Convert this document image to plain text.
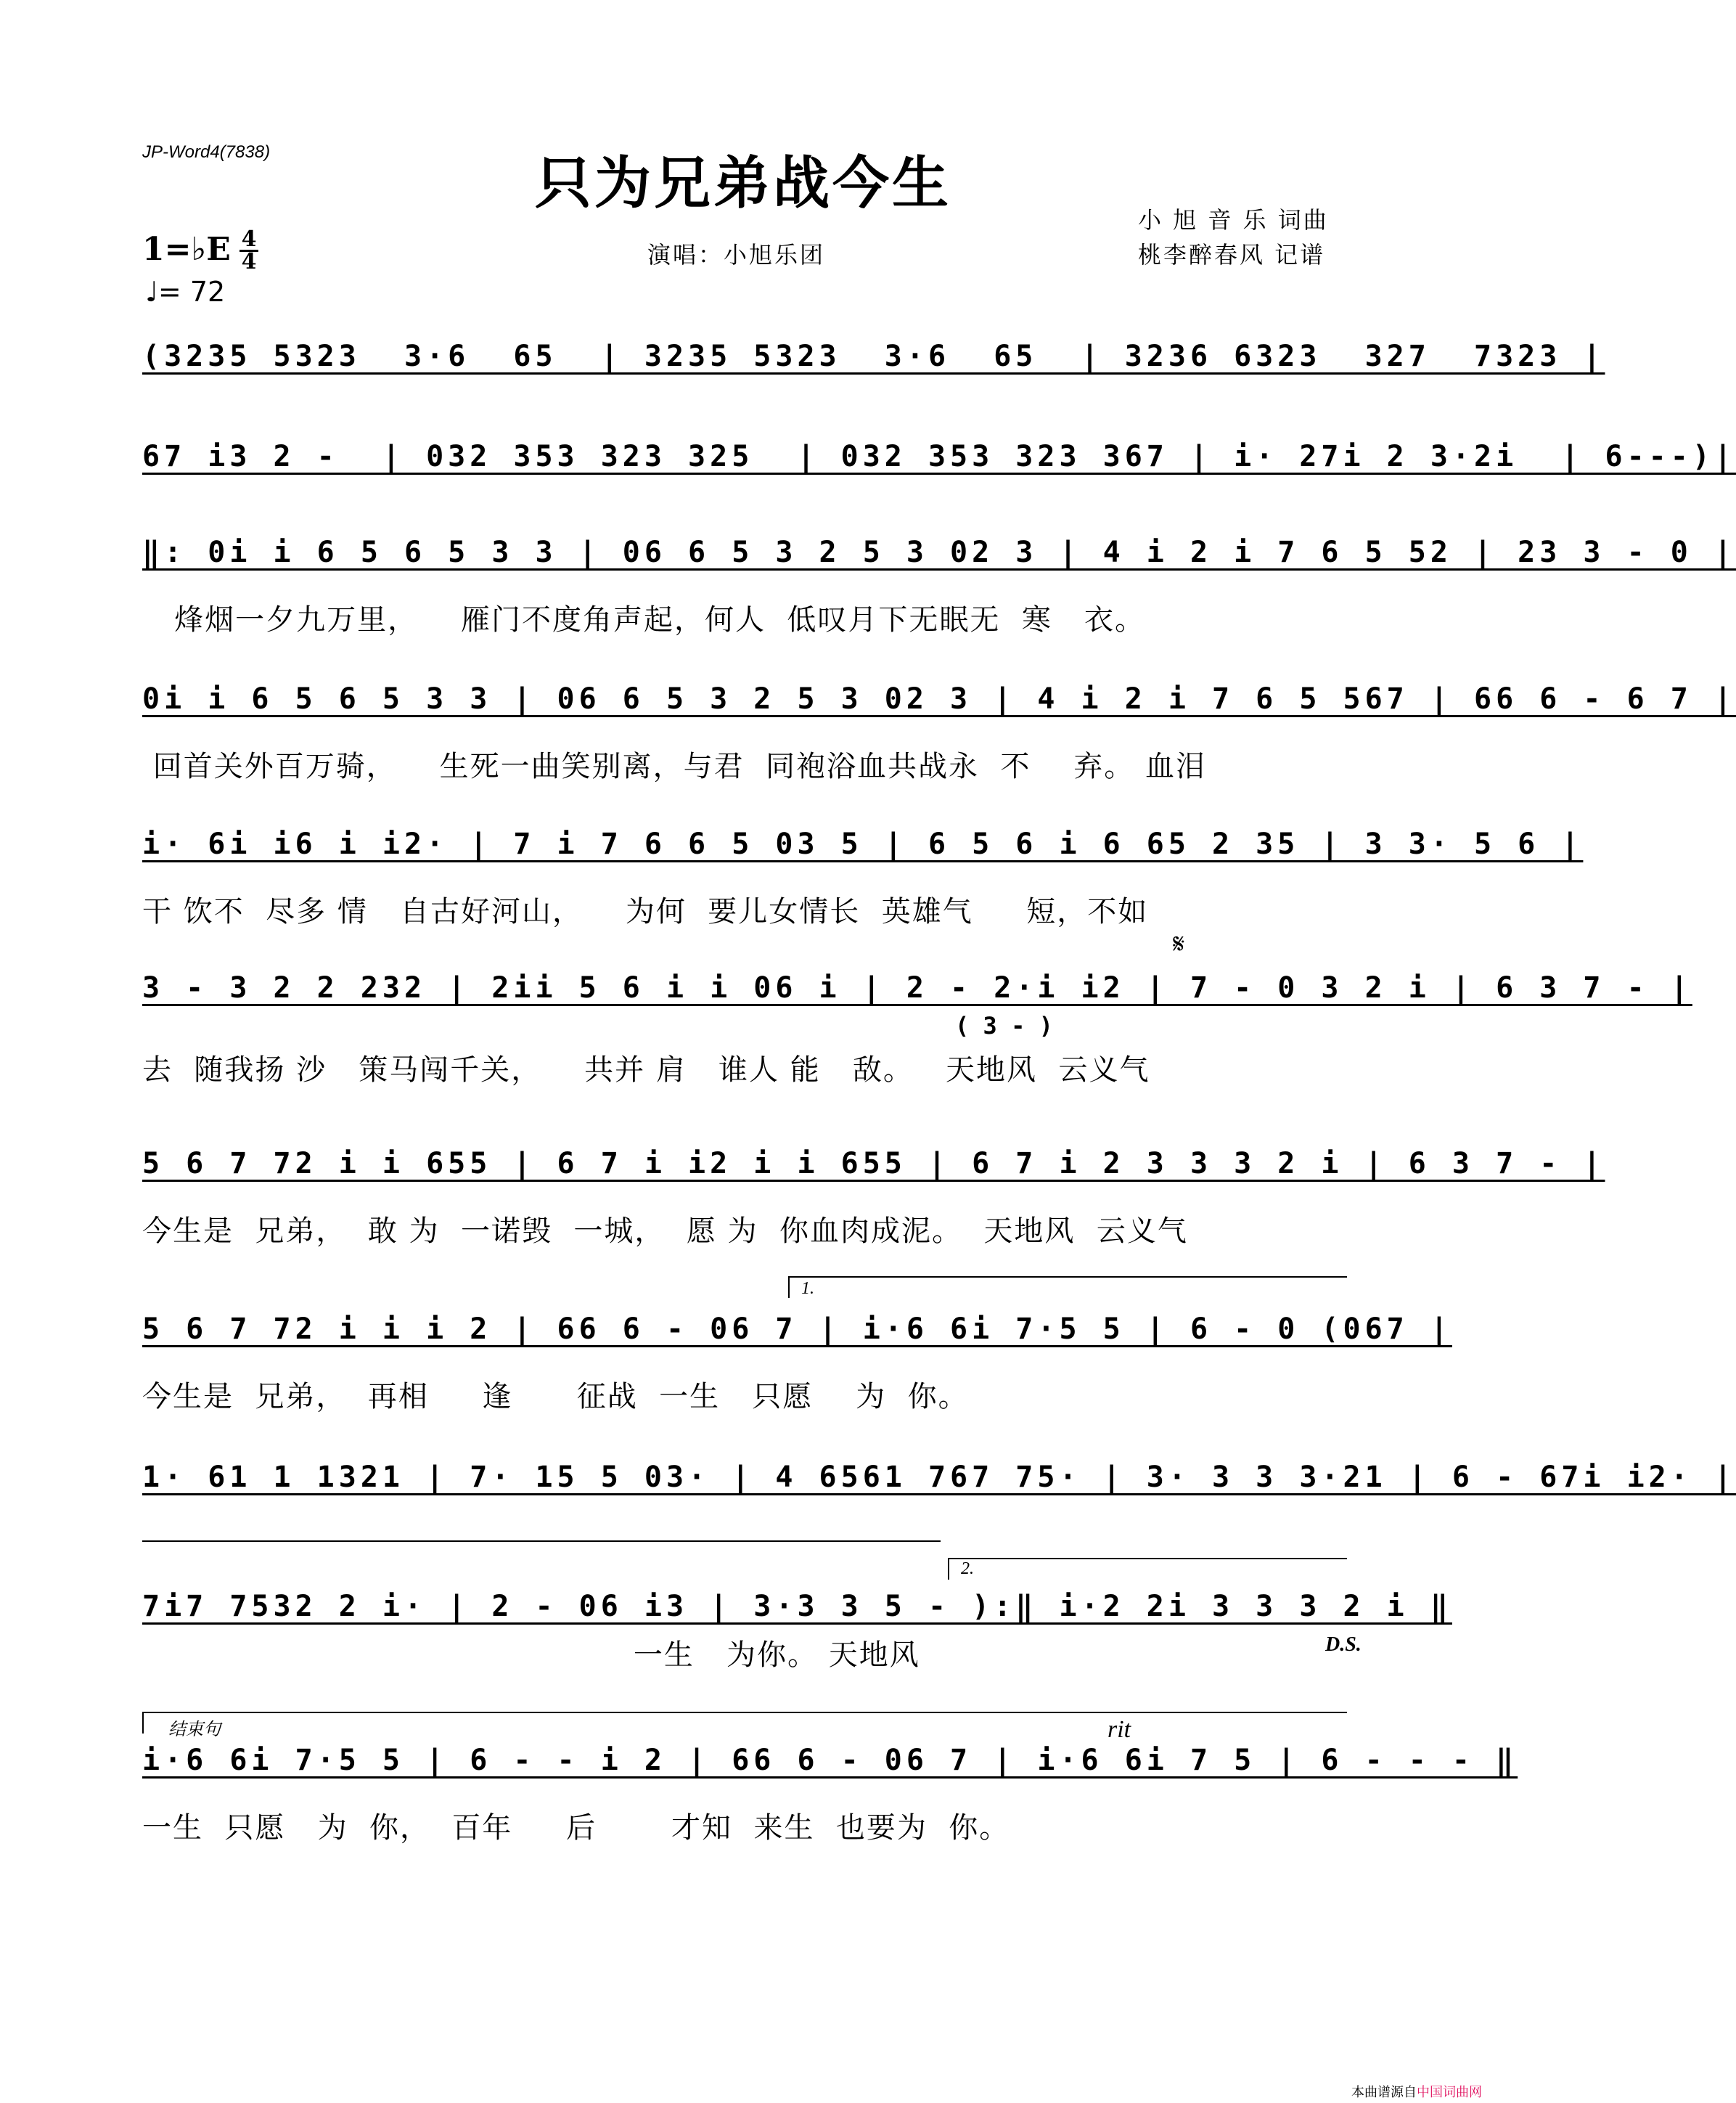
JP-Word4(7838)	只为兄弟战今生
小 旭 音 乐 词曲
桃李醉春风 记谱
演唱：小旭乐团
1=♭E 4
4
♩= 72
(3235 5323  3·6  65  | 3235 5323  3·6  65  | 3236 6323  327  7323 |
67 i3 2 -  | 032 353 323 325  | 032 353 323 367 | i· 27i 2 3·2i  | 6---)|
‖: 0i i 6 5 6 5 3 3 | 06 6 5 3 2 5 3 02 3 | 4 i 2 i 7 6 5 52 | 23 3 - 0 |
烽烟一夕九万里，    雁门不度角声起，何人  低叹月下无眠无  寒   衣。
0i i 6 5 6 5 3 3 | 06 6 5 3 2 5 3 02 3 | 4 i 2 i 7 6 5 567 | 66 6 - 6 7 |
回首关外百万骑，    生死一曲笑别离，与君  同袍浴血共战永  不    弃。 血泪
i· 6i i6 i i2· | 7 i 7 6 6 5 03 5 | 6 5 6 i 6 65 2 35 | 3 3· 5 6 |
干 饮不  尽多 情   自古好河山，    为何  要儿女情长  英雄气     短，不如
3 - 3 2 2 232 | 2ii 5 6 i i 06 i | 2 - 2·i i2 | 7 - 0 3 2 i | 6 3 7 - |
去  随我扬 沙   策马闯千关，    共并 肩   谁人 能   敌。   天地风  云义气
( 3 - )
𝄋
5 6 7 72 i i 655 | 6 7 i i2 i i 655 | 6 7 i 2 3 3 3 2 i | 6 3 7 - |
今生是  兄弟，  敢 为  一诺毁  一城，  愿 为  你血肉成泥。  天地风  云义气
1.
5 6 7 72 i i i 2 | 66 6 - 06 7 | i·6 6i 7·5 5 | 6 - 0 (067 |
今生是  兄弟，  再相     逢      征战  一生   只愿    为  你。
1· 61 1 1321 | 7· 15 5 03· | 4 6561 767 75· | 3· 3 3 3·21 | 6 - 67i i2· |
2.
7i7 7532 2 i· | 2 - 06 i3 | 3·3 3 5 - ):‖ i·2 2i 3 3 3 2 i ‖
一生   为你。 天地风	D.S.
结束句	rit
i·6 6i 7·5 5 | 6 - - i 2 | 66 6 - 06 7 | i·6 6i 7 5 | 6 - - - ‖
一生  只愿   为  你，  百年     后       才知  来生  也要为  你。
本曲谱源自 中国词曲网
